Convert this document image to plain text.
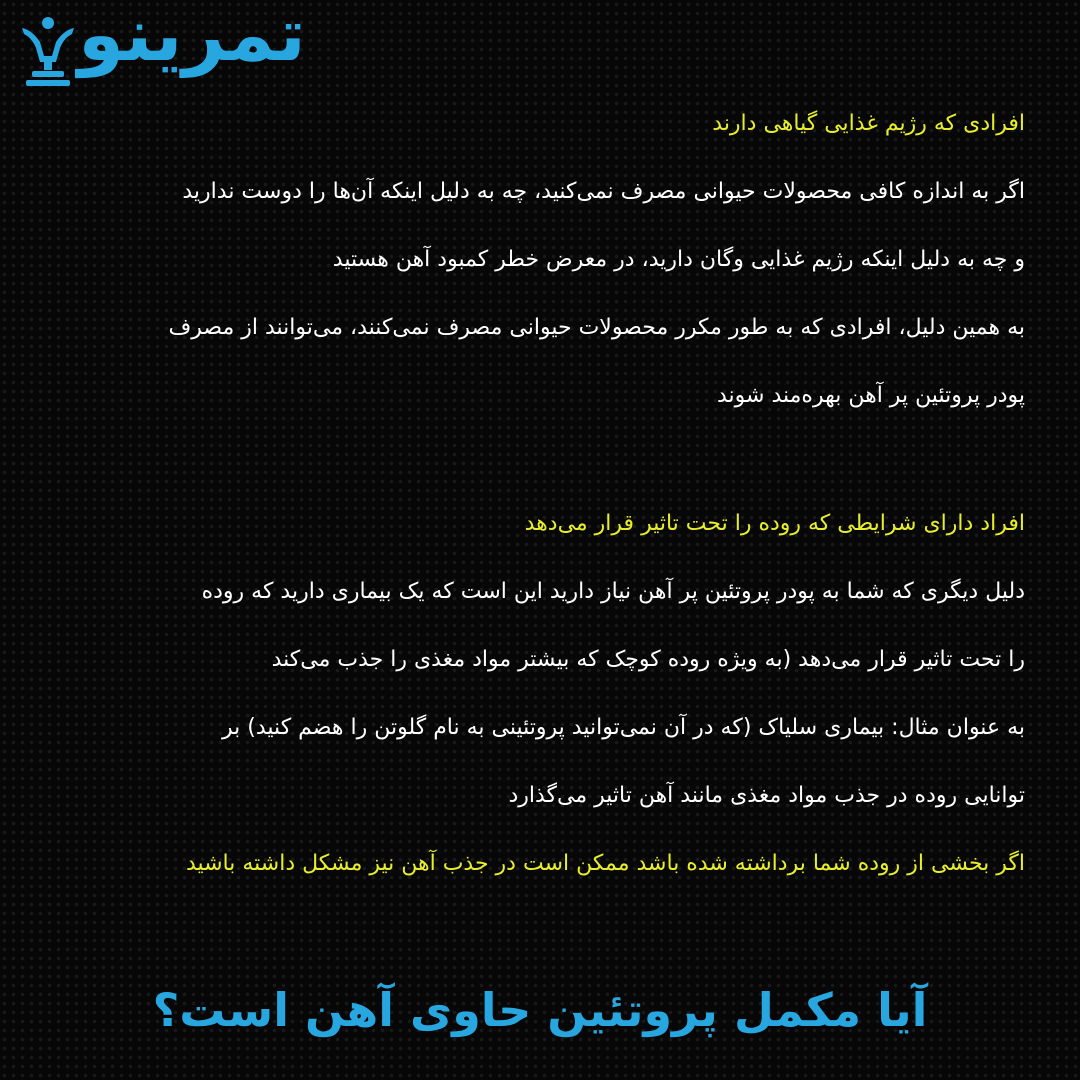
تمرینو
افرادی که رژیم غذایی گیاهی دارند
اگر به اندازه کافی محصولات حیوانی مصرف نمی‌کنید، چه به دلیل اینکه آن‌ها را دوست ندارید
و چه به دلیل اینکه رژیم غذایی وگان دارید، در معرض خطر کمبود آهن هستید
به همین دلیل، افرادی که به طور مکرر محصولات حیوانی مصرف نمی‌کنند، می‌توانند از مصرف
پودر پروتئین پر آهن بهره‌مند شوند
افراد دارای شرایطی که روده را تحت تاثیر قرار می‌دهد
دلیل دیگری که شما به پودر پروتئین پر آهن نیاز دارید این است که یک بیماری دارید که روده
را تحت تاثیر قرار می‌دهد (به ویژه روده کوچک که بیشتر مواد مغذی را جذب می‌کند
به عنوان مثال: بیماری سلیاک (که در آن نمی‌توانید پروتئینی به نام گلوتن را هضم کنید) بر
توانایی روده در جذب مواد مغذی مانند آهن تاثیر می‌گذارد
اگر بخشی از روده شما برداشته شده باشد ممکن است در جذب آهن نیز مشکل داشته باشید
آیا مکمل پروتئین حاوی آهن است؟
